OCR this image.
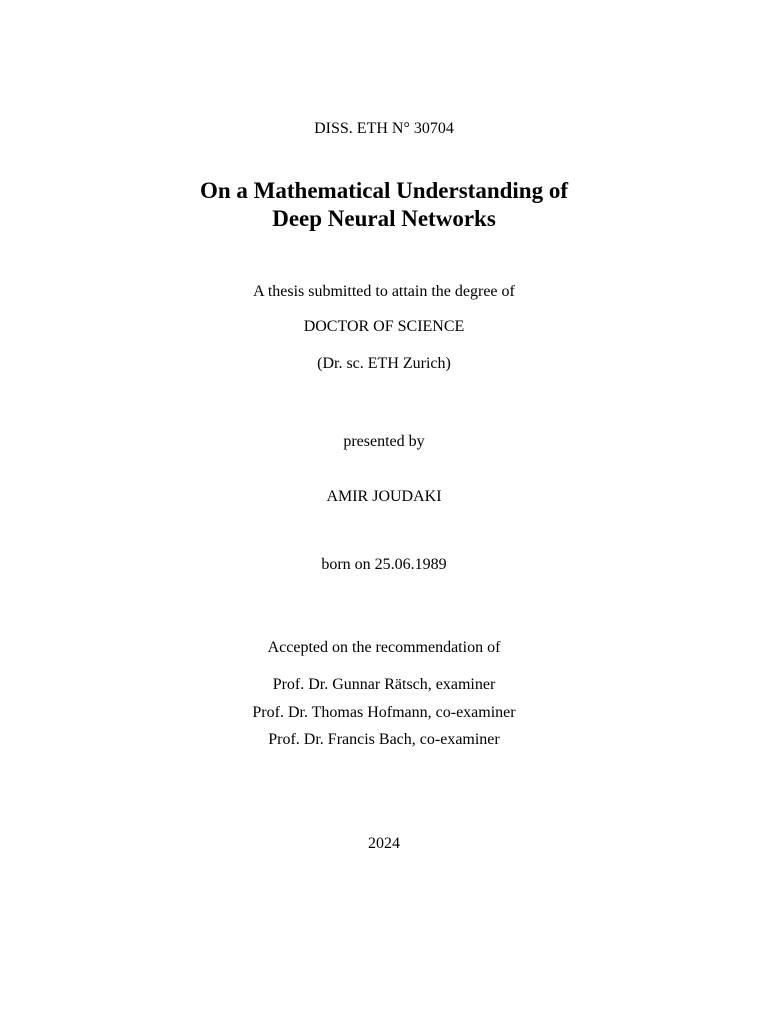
DISS. ETH N° 30704
On a Mathematical Understanding of
Deep Neural Networks
A thesis submitted to attain the degree of
DOCTOR OF SCIENCE
(Dr. sc. ETH Zurich)
presented by
AMIR JOUDAKI
born on 25.06.1989
Accepted on the recommendation of
Prof. Dr. Gunnar Rätsch, examiner
Prof. Dr. Thomas Hofmann, co-examiner
Prof. Dr. Francis Bach, co-examiner
2024
